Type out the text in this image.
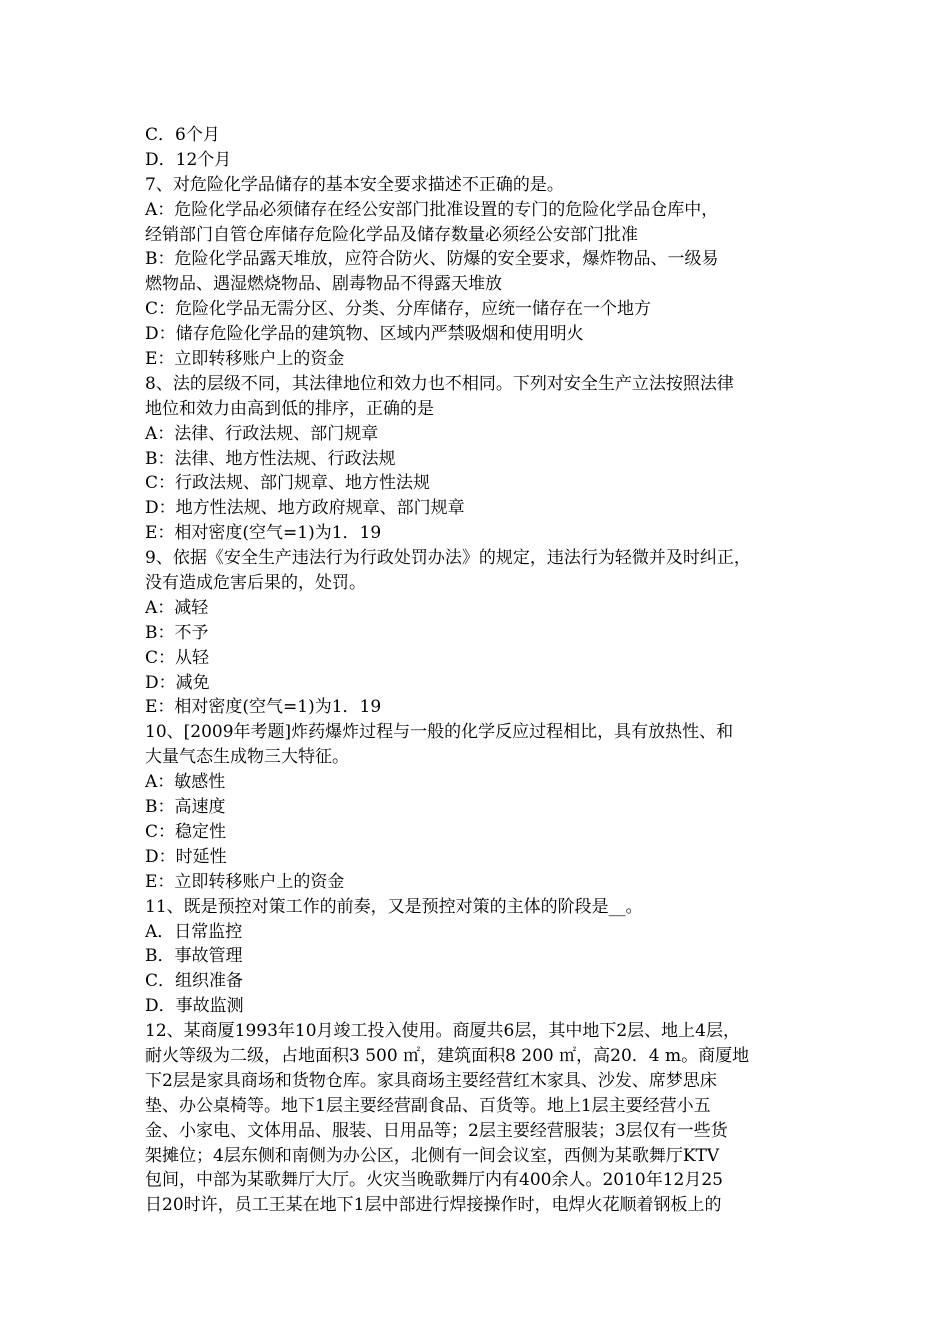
C．6个月

D．12个月

7、对危险化学品储存的基本安全要求描述不正确的是。

A：危险化学品必须储存在经公安部门批准设置的专门的危险化学品仓库中，

经销部门自管仓库储存危险化学品及储存数量必须经公安部门批准

B：危险化学品露天堆放，应符合防火、防爆的安全要求，爆炸物品、一级易

燃物品、遇湿燃烧物品、剧毒物品不得露天堆放

C：危险化学品无需分区、分类、分库储存，应统一储存在一个地方

D：储存危险化学品的建筑物、区域内严禁吸烟和使用明火

E：立即转移账户上的资金

8、法的层级不同，其法律地位和效力也不相同。下列对安全生产立法按照法律

地位和效力由高到低的排序，正确的是

A：法律、行政法规、部门规章

B：法律、地方性法规、行政法规

C：行政法规、部门规章、地方性法规

D：地方性法规、地方政府规章、部门规章

E：相对密度(空气=1)为1．19

9、依据《安全生产违法行为行政处罚办法》的规定，违法行为轻微并及时纠正，

没有造成危害后果的，处罚。

A：减轻

B：不予

C：从轻

D：减免

E：相对密度(空气=1)为1．19

10、[2009年考题]炸药爆炸过程与一般的化学反应过程相比，具有放热性、和

大量气态生成物三大特征。

A：敏感性

B：高速度

C：稳定性

D：时延性

E：立即转移账户上的资金

11、既是预控对策工作的前奏，又是预控对策的主体的阶段是__。

A．日常监控

B．事故管理

C．组织准备

D．事故监测

12、某商厦1993年10月竣工投入使用。商厦共6层，其中地下2层、地上4层，

耐火等级为二级，占地面积3 500 ㎡，建筑面积8 200 ㎡，高20．4 m。商厦地

下2层是家具商场和货物仓库。家具商场主要经营红木家具、沙发、席梦思床

垫、办公桌椅等。地下1层主要经营副食品、百货等。地上1层主要经营小五

金、小家电、文体用品、服装、日用品等；2层主要经营服装；3层仅有一些货

架摊位；4层东侧和南侧为办公区，北侧有一间会议室，西侧为某歌舞厅KTV

包间，中部为某歌舞厅大厅。火灾当晚歌舞厅内有400余人。2010年12月25

日20时许，员工王某在地下1层中部进行焊接操作时，电焊火花顺着钢板上的
